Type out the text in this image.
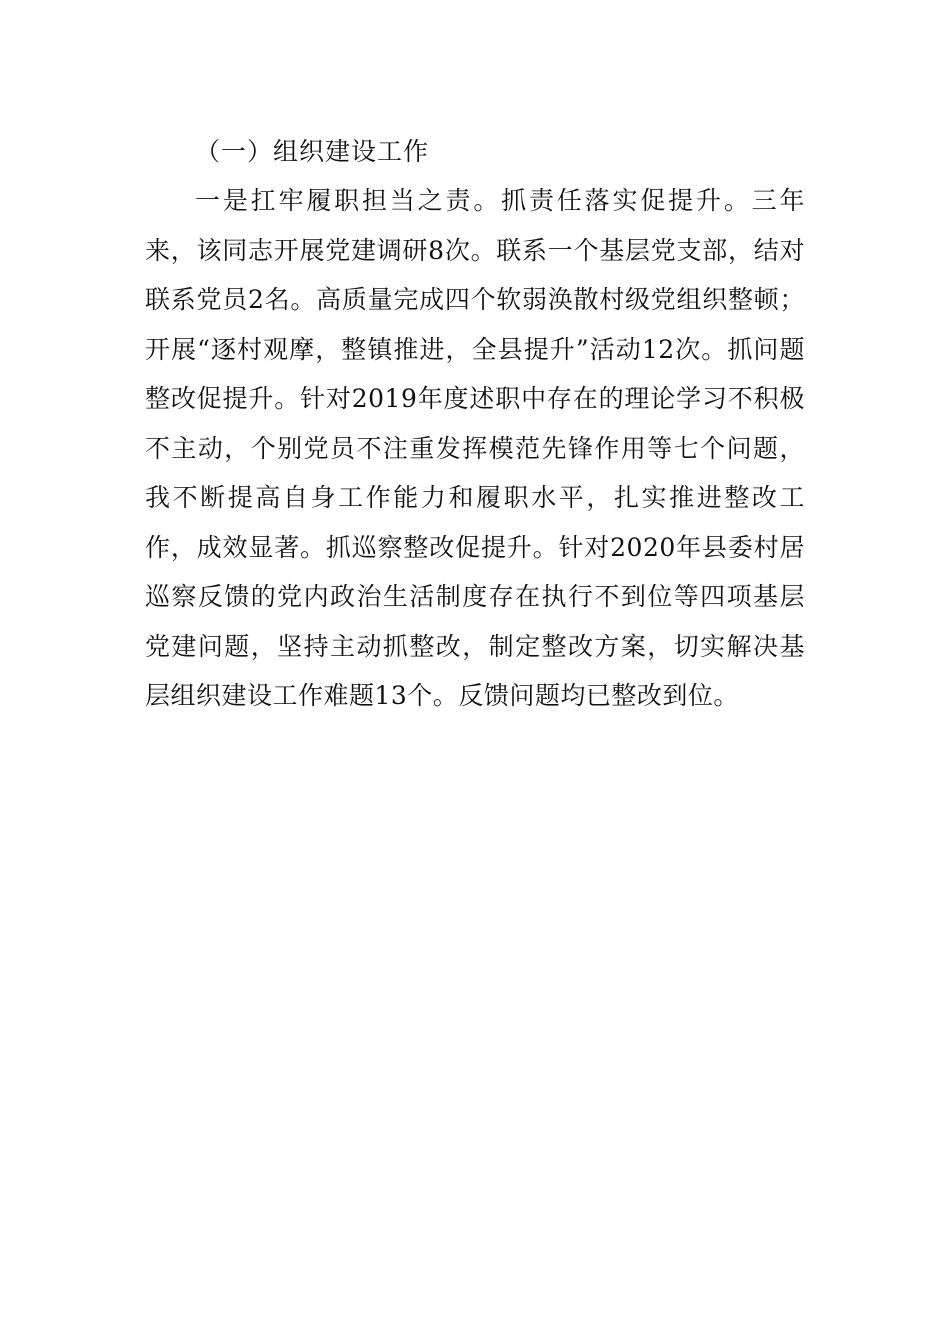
（一）组织建设工作

一是扛牢履职担当之责。抓责任落实促提升。三年来，该同志开展党建调研8次。联系一个基层党支部，结对联系党员2名。高质量完成四个软弱涣散村级党组织整顿；开展“逐村观摩，整镇推进，全县提升”活动12次。抓问题整改促提升。针对2019年度述职中存在的理论学习不积极不主动，个别党员不注重发挥模范先锋作用等七个问题，我不断提高自身工作能力和履职水平，扎实推进整改工作，成效显著。抓巡察整改促提升。针对2020年县委村居巡察反馈的党内政治生活制度存在执行不到位等四项基层党建问题，坚持主动抓整改，制定整改方案，切实解决基层组织建设工作难题13个。反馈问题均已整改到位。
